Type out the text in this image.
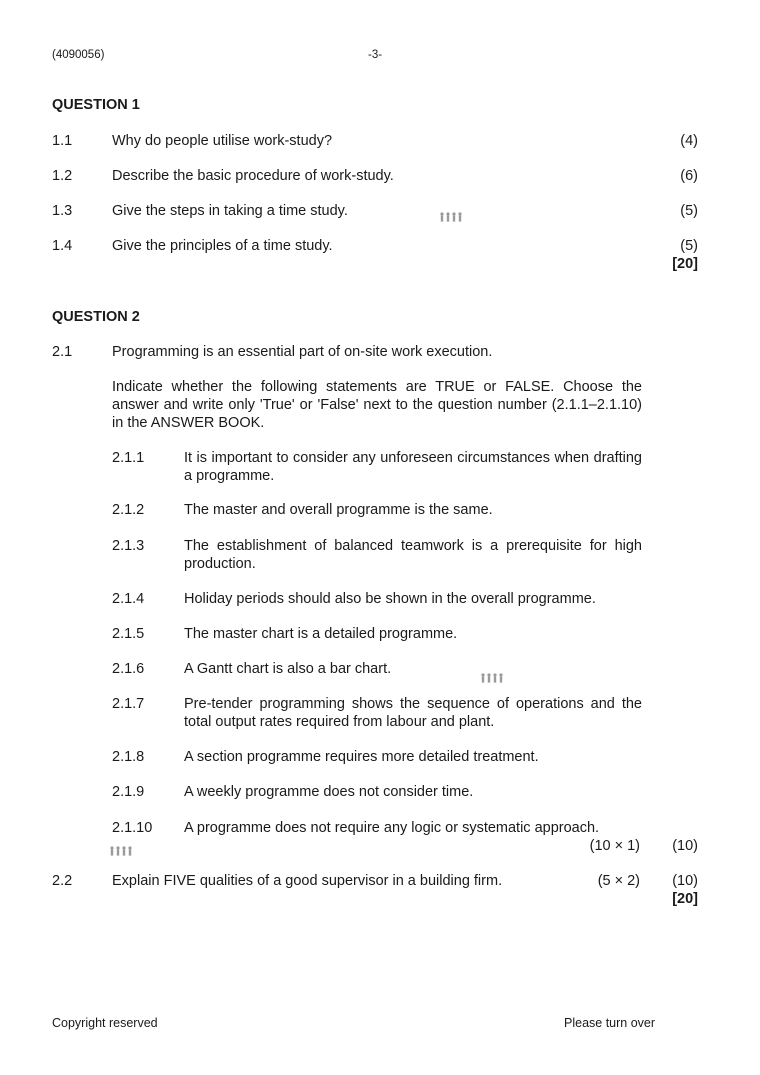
(4090056)	-3-
QUESTION 1
1.1	Why do people utilise work-study?	(4)
1.2	Describe the basic procedure of work-study.	(6)
1.3	Give the steps in taking a time study.	(5)
1.4	Give the principles of a time study.	(5)
[20]
QUESTION 2
2.1	Programming is an essential part of on-site work execution.
Indicate whether the following statements are TRUE or FALSE. Choose the answer and write only 'True' or 'False' next to the question number (2.1.1–2.1.10) in the ANSWER BOOK.
2.1.1	It is important to consider any unforeseen circumstances when drafting a programme.
2.1.2	The master and overall programme is the same.
2.1.3	The establishment of balanced teamwork is a prerequisite for high production.
2.1.4	Holiday periods should also be shown in the overall programme.
2.1.5	The master chart is a detailed programme.
2.1.6	A Gantt chart is also a bar chart.
2.1.7	Pre-tender programming shows the sequence of operations and the total output rates required from labour and plant.
2.1.8	A section programme requires more detailed treatment.
2.1.9	A weekly programme does not consider time.
2.1.10 A programme does not require any logic or systematic approach.
(10 × 1) (10)
2.2	Explain FIVE qualities of a good supervisor in a building firm.	(5 × 2) (10)
[20]
Copyright reserved	Please turn over
